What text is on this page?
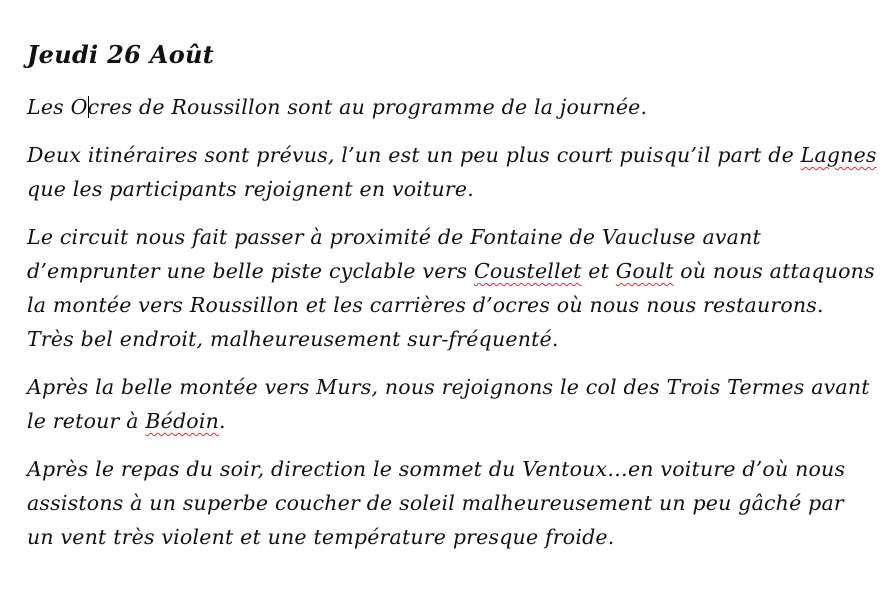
Jeudi 26 Août

Les Ocres de Roussillon sont au programme de la journée.

Deux itinéraires sont prévus, l’un est un peu plus court puisqu’il part de Lagnes que les participants rejoignent en voiture.

Le circuit nous fait passer à proximité de Fontaine de Vaucluse avant d’emprunter une belle piste cyclable vers Coustellet et Goult où nous attaquons la montée vers Roussillon et les carrières d’ocres où nous nous restaurons. Très bel endroit, malheureusement sur-fréquenté.

Après la belle montée vers Murs, nous rejoignons le col des Trois Termes avant le retour à Bédoin.

Après le repas du soir, direction le sommet du Ventoux…en voiture d’où nous assistons à un superbe coucher de soleil malheureusement un peu gâché par un vent très violent et une température presque froide.
